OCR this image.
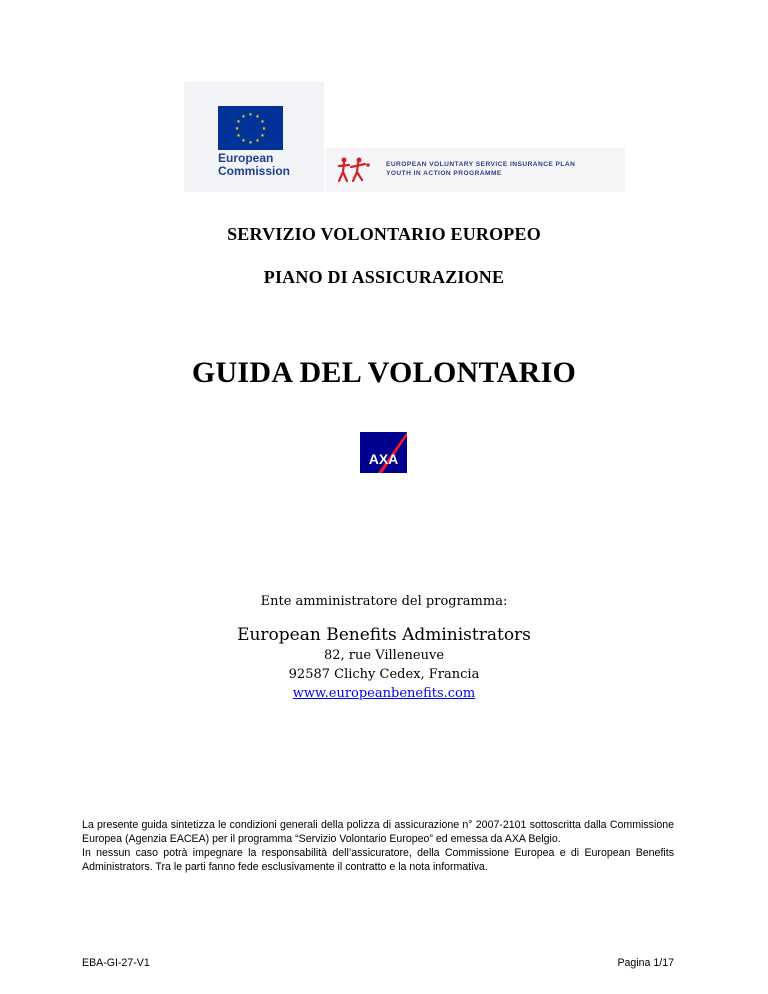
★ ★
★
★
★
★
★
★
★
★
★
★
European
Commission	EUROPEAN VOLUNTARY SERVICE INSURANCE PLAN
YOUTH IN ACTION PROGRAMME
SERVIZIO VOLONTARIO EUROPEO
PIANO DI ASSICURAZIONE
GUIDA DEL VOLONTARIO
AXA
Ente amministratore del programma:
European Benefits Administrators
82, rue Villeneuve
92587 Clichy Cedex, Francia
www.europeanbenefits.com

La presente guida sintetizza le condizioni generali della polizza di assicurazione n° 2007-2101 sottoscritta dalla Commissione Europea (Agenzia EACEA) per il programma “Servizio Volontario Europeo” ed emessa da AXA Belgio.

In nessun caso potrà impegnare la responsabilità dell’assicuratore, della Commissione Europea e di European Benefits Administrators. Tra le parti fanno fede esclusivamente il contratto e la nota informativa.

EBA-GI-27-V1	Pagina 1/17
